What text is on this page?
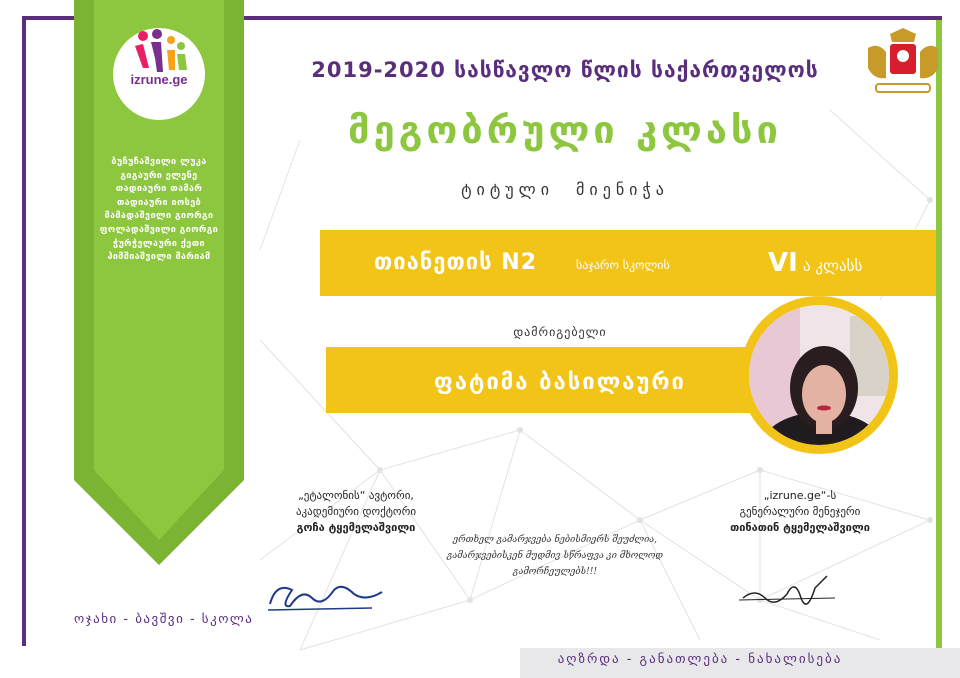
izrune.ge
ბუჩუჩაშვილი ლუკა
გიგაური ელენე
თადიაური თამარ
თადიაური იოსებ
მამადაშვილი გიორგი
ფოლადაშვილი გიორგი
ჭურჭელაური ქეთი
ჰიმშიაშვილი მარიამ
ოჯახი - ბავშვი - სკოლა
2019-2020 სასწავლო წლის საქართველოს
მეგობრული კლასი
ტიტული მიენიჭა
თიანეთის N2	საჯარო სკოლის	VI ა კლასს
დამრიგებელი
ფატიმა ბასილაური
„ეტალონის“ ავტორი,
აკადემიური დოქტორი
გოჩა ტყემელაშვილი
„izrune.ge“-ს
გენერალური მენეჯერი
თინათინ ტყემელაშვილი
ერთხელ გამარჯვება ნებისმიერს შეუძლია,
გამარჯვებისკენ მუდმივ სწრაფვა კი მხოლოდ გამორჩეულებს!!!
აღზრდა - განათლება - ნახალისება
